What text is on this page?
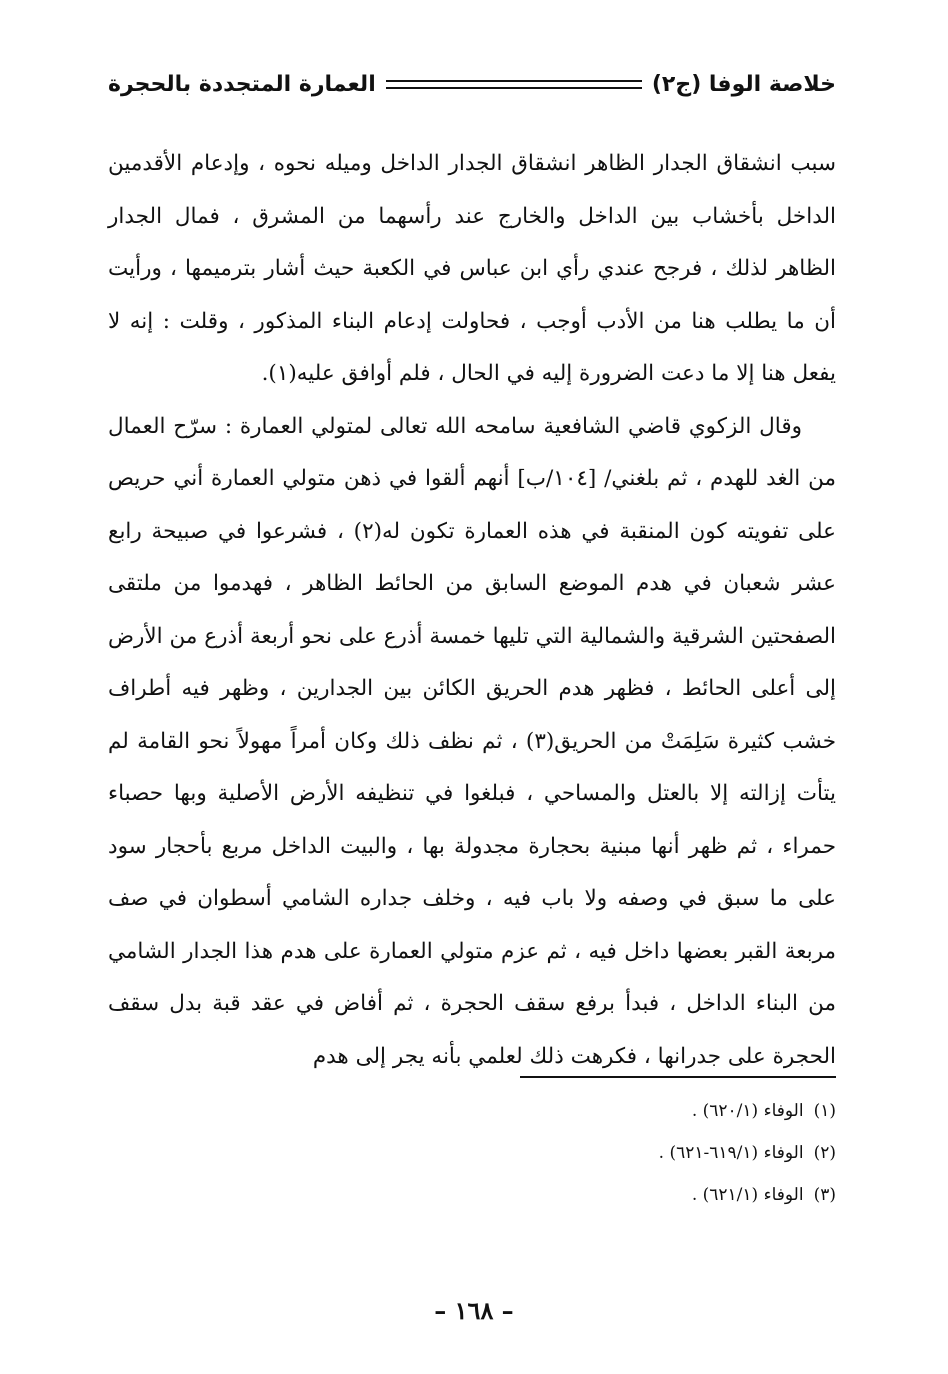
خلاصة الوفا (ج٢)
العمارة المتجددة بالحجرة

سبب انشقاق الجدار الظاهر انشقاق الجدار الداخل وميله نحوه ، وإدعام الأقدمين الداخل بأخشاب بين الداخل والخارج عند رأسهما من المشرق ، فمال الجدار الظاهر لذلك ، فرجح عندي رأي ابن عباس في الكعبة حيث أشار بترميمها ، ورأيت أن ما يطلب هنا من الأدب أوجب ، فحاولت إدعام البناء المذكور ، وقلت : إنه لا يفعل هنا إلا ما دعت الضرورة إليه في الحال ، فلم أوافق عليه(١).

وقال الزكوي قاضي الشافعية سامحه الله تعالى لمتولي العمارة : سرّح العمال من الغد للهدم ، ثم بلغني/ [١٠٤/ب] أنهم ألقوا في ذهن متولي العمارة أني حريص على تفويته كون المنقبة في هذه العمارة تكون له(٢) ، فشرعوا في صبيحة رابع عشر شعبان في هدم الموضع السابق من الحائط الظاهر ، فهدموا من ملتقى الصفحتين الشرقية والشمالية التي تليها خمسة أذرع على نحو أربعة أذرع من الأرض إلى أعلى الحائط ، فظهر هدم الحريق الكائن بين الجدارين ، وظهر فيه أطراف خشب كثيرة سَلِمَتْ من الحريق(٣) ، ثم نظف ذلك وكان أمراً مهولاً نحو القامة لم يتأت إزالته إلا بالعتل والمساحي ، فبلغوا في تنظيفه الأرض الأصلية وبها حصباء حمراء ، ثم ظهر أنها مبنية بحجارة مجدولة بها ، والبيت الداخل مربع بأحجار سود على ما سبق في وصفه ولا باب فيه ، وخلف جداره الشامي أسطوان في صف مربعة القبر بعضها داخل فيه ، ثم عزم متولي العمارة على هدم هذا الجدار الشامي من البناء الداخل ، فبدأ برفع سقف الحجرة ، ثم أفاض في عقد قبة بدل سقف الحجرة على جدرانها ، فكرهت ذلك لعلمي بأنه يجر إلى هدم

(١)الوفاء (٦٢٠/١) .
(٢)الوفاء (٦١٩/١-٦٢١) .
(٣)الوفاء (٦٢١/١) .
– ١٦٨ –
